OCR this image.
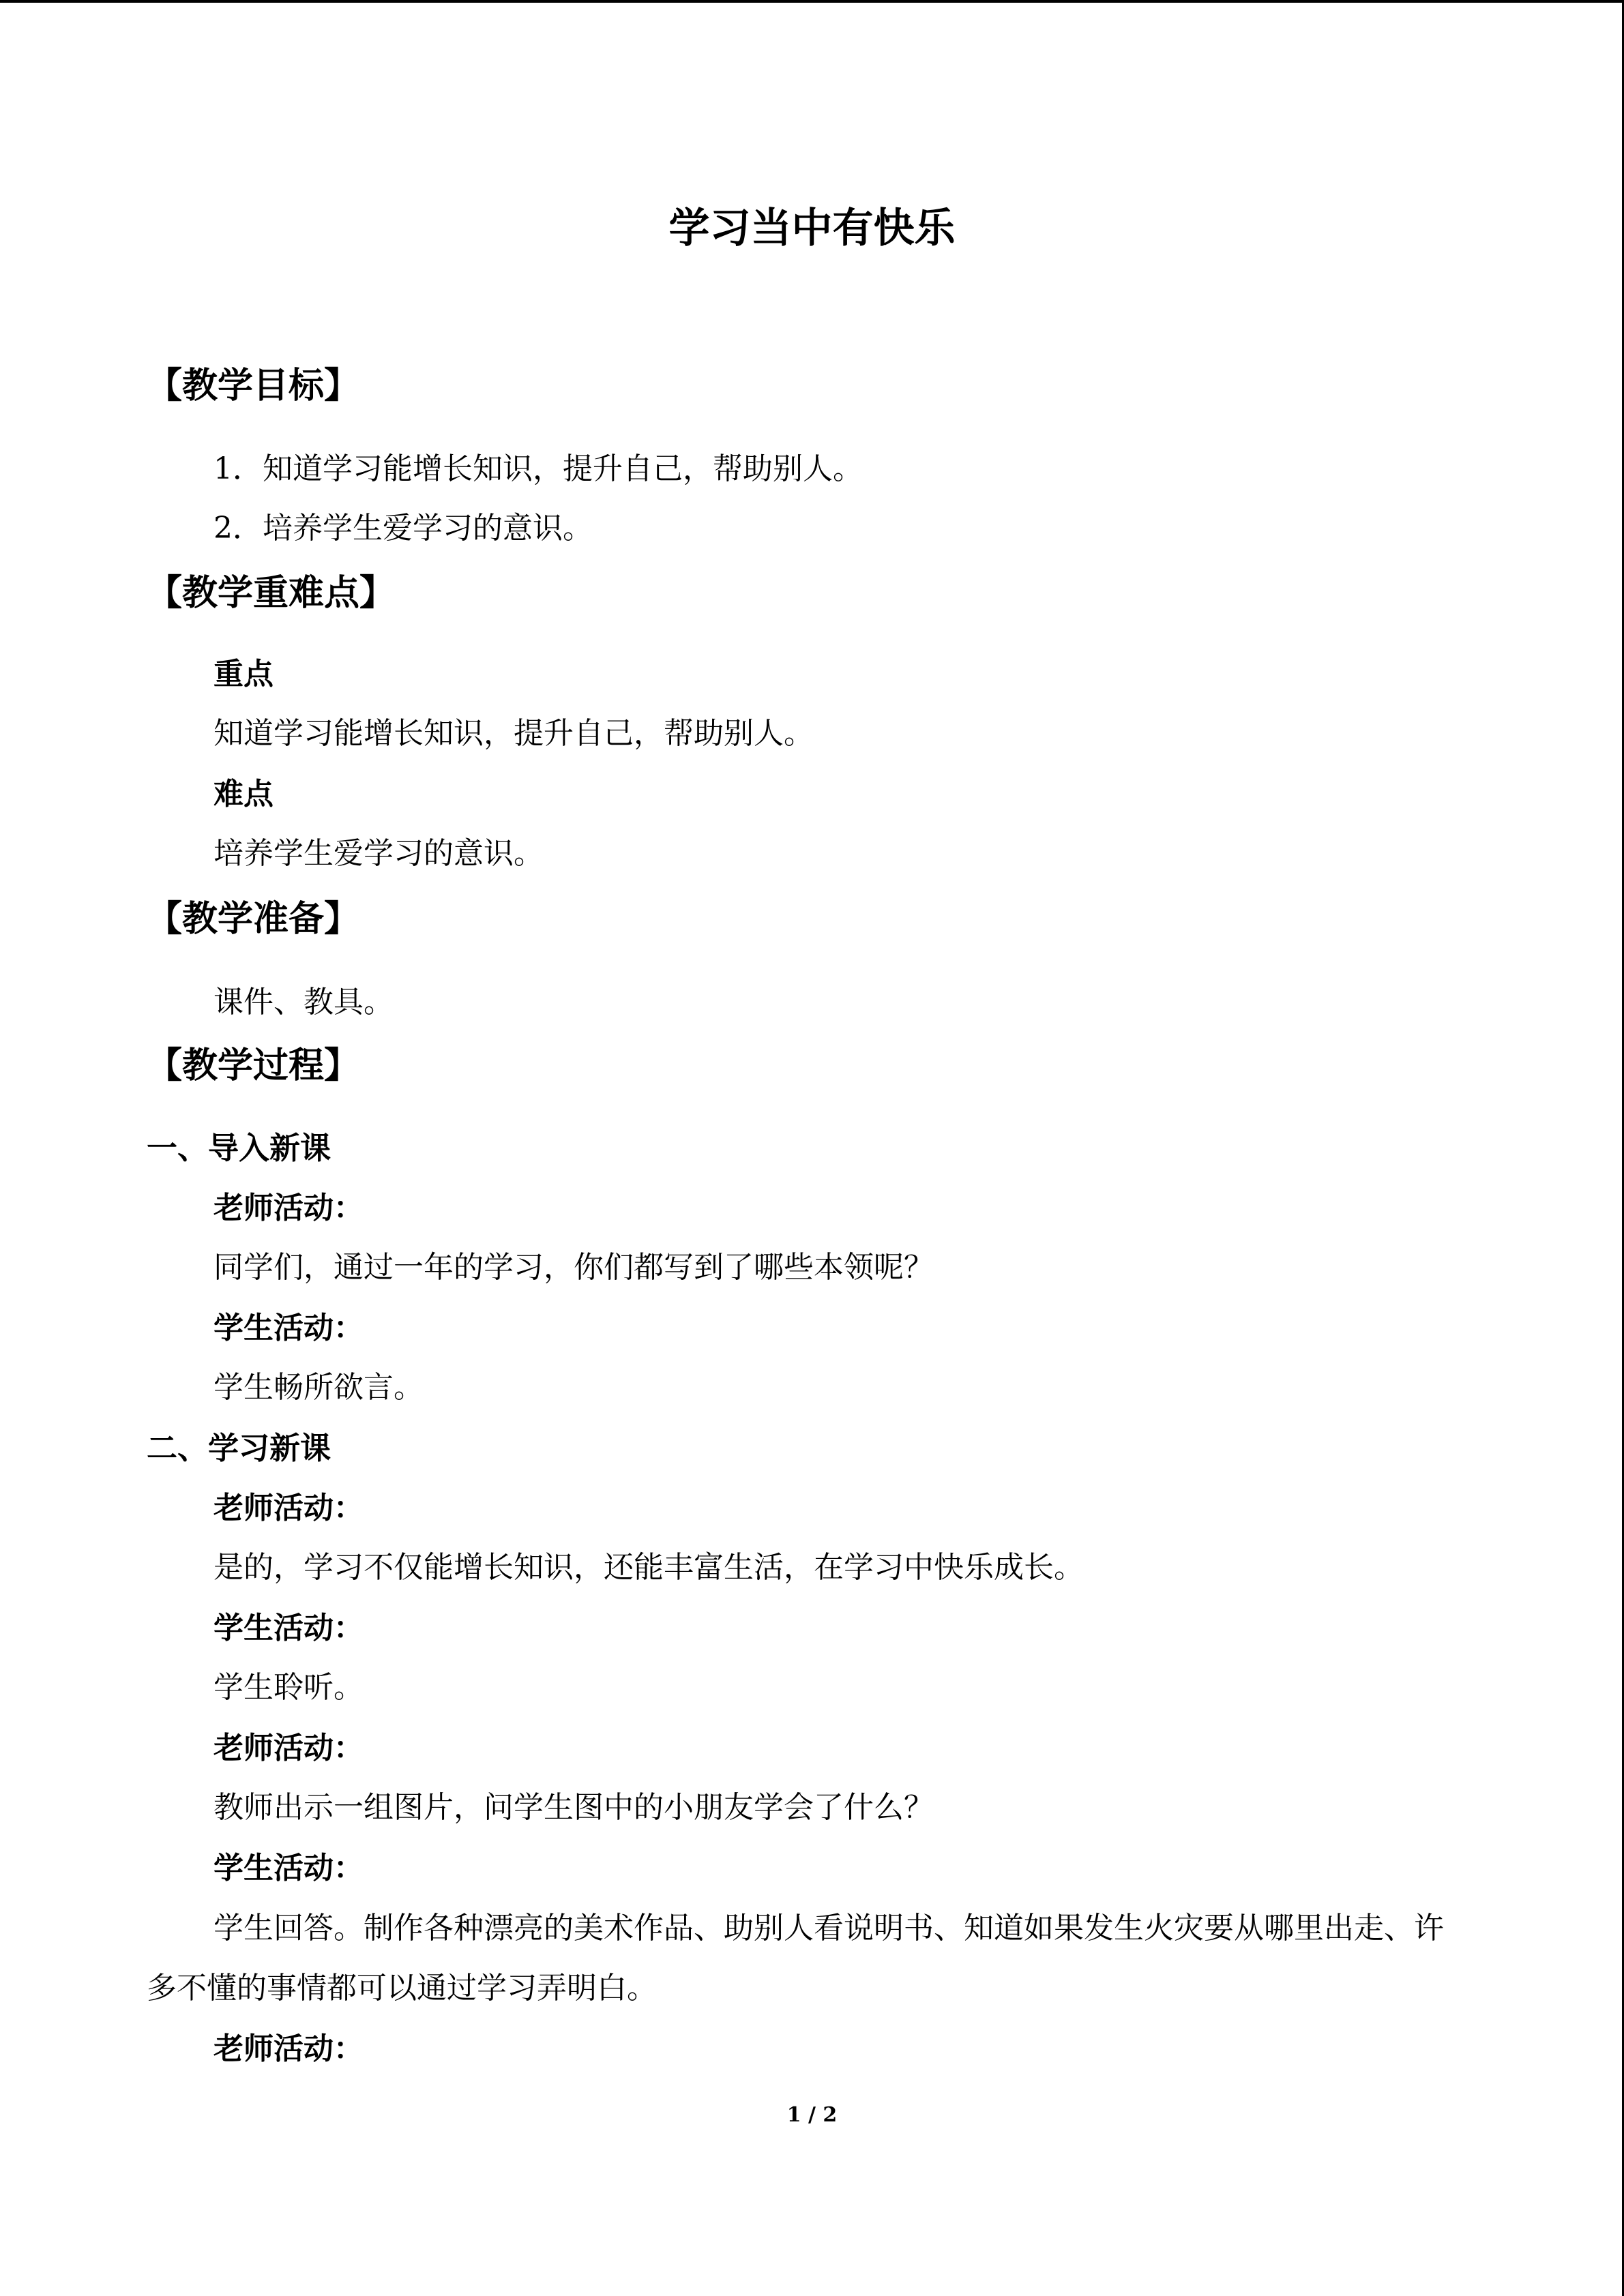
学习当中有快乐
【教学目标】
1．知道学习能增长知识，提升自己，帮助别人。
2．培养学生爱学习的意识。
【教学重难点】
重点
知道学习能增长知识，提升自己，帮助别人。
难点
培养学生爱学习的意识。
【教学准备】
课件、教具。
【教学过程】
一、导入新课
老师活动：
同学们，通过一年的学习，你们都写到了哪些本领呢？
学生活动：
学生畅所欲言。
二、学习新课
老师活动：
是的，学习不仅能增长知识，还能丰富生活，在学习中快乐成长。
学生活动：
学生聆听。
老师活动：
教师出示一组图片，问学生图中的小朋友学会了什么？
学生活动：
学生回答。制作各种漂亮的美术作品、助别人看说明书、知道如果发生火灾要从哪里出走、许多不懂的事情都可以通过学习弄明白。
老师活动：
1 / 2
